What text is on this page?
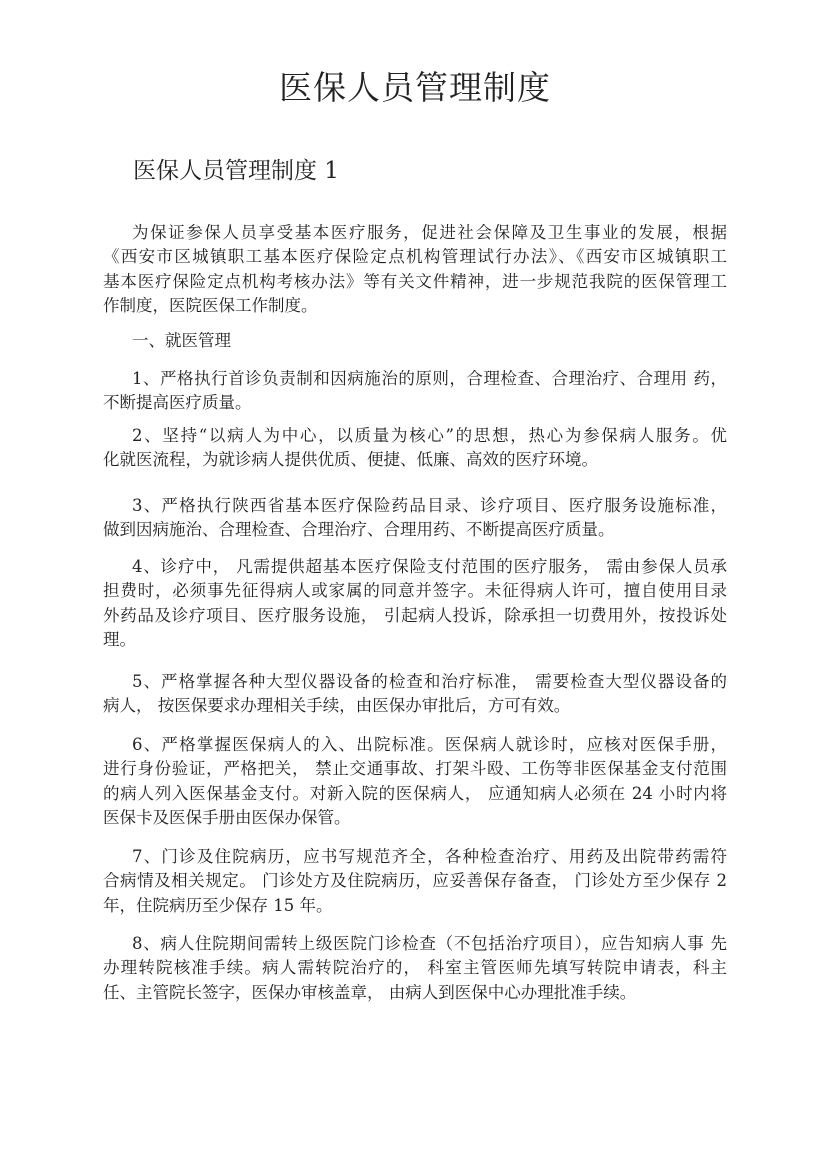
医保人员管理制度
医保人员管理制度 1
为保证参保人员享受基本医疗服务，促进社会保障及卫生事业的发展，根据
《西安市区城镇职工基本医疗保险定点机构管理试行办法》、《西安市区城镇职工
基本医疗保险定点机构考核办法》等有关文件精神，进一步规范我院的医保管理工
作制度，医院医保工作制度。
一、就医管理
1、严格执行首诊负责制和因病施治的原则，合理检查、合理治疗、合理用 药，
不断提高医疗质量。
2、坚持“以病人为中心，以质量为核心”的思想，热心为参保病人服务。优
化就医流程，为就诊病人提供优质、便捷、低廉、高效的医疗环境。
3、严格执行陕西省基本医疗保险药品目录、诊疗项目、医疗服务设施标准，
做到因病施治、合理检查、合理治疗、合理用药、不断提高医疗质量。
4、诊疗中， 凡需提供超基本医疗保险支付范围的医疗服务， 需由参保人员承
担费时，必须事先征得病人或家属的同意并签字。未征得病人许可，擅自使用目录
外药品及诊疗项目、医疗服务设施， 引起病人投诉，除承担一切费用外，按投诉处
理。
5、严格掌握各种大型仪器设备的检查和治疗标准， 需要检查大型仪器设备的
病人， 按医保要求办理相关手续，由医保办审批后，方可有效。
6、严格掌握医保病人的入、出院标准。医保病人就诊时，应核对医保手册，
进行身份验证，严格把关， 禁止交通事故、打架斗殴、工伤等非医保基金支付范围
的病人列入医保基金支付。对新入院的医保病人， 应通知病人必须在 24 小时内将
医保卡及医保手册由医保办保管。
7、门诊及住院病历，应书写规范齐全，各种检查治疗、用药及出院带药需符
合病情及相关规定。 门诊处方及住院病历，应妥善保存备查， 门诊处方至少保存 2
年，住院病历至少保存 15 年。
8、病人住院期间需转上级医院门诊检查（不包括治疗项目），应告知病人事 先
办理转院核准手续。病人需转院治疗的， 科室主管医师先填写转院申请表，科主
任、主管院长签字，医保办审核盖章， 由病人到医保中心办理批准手续。
